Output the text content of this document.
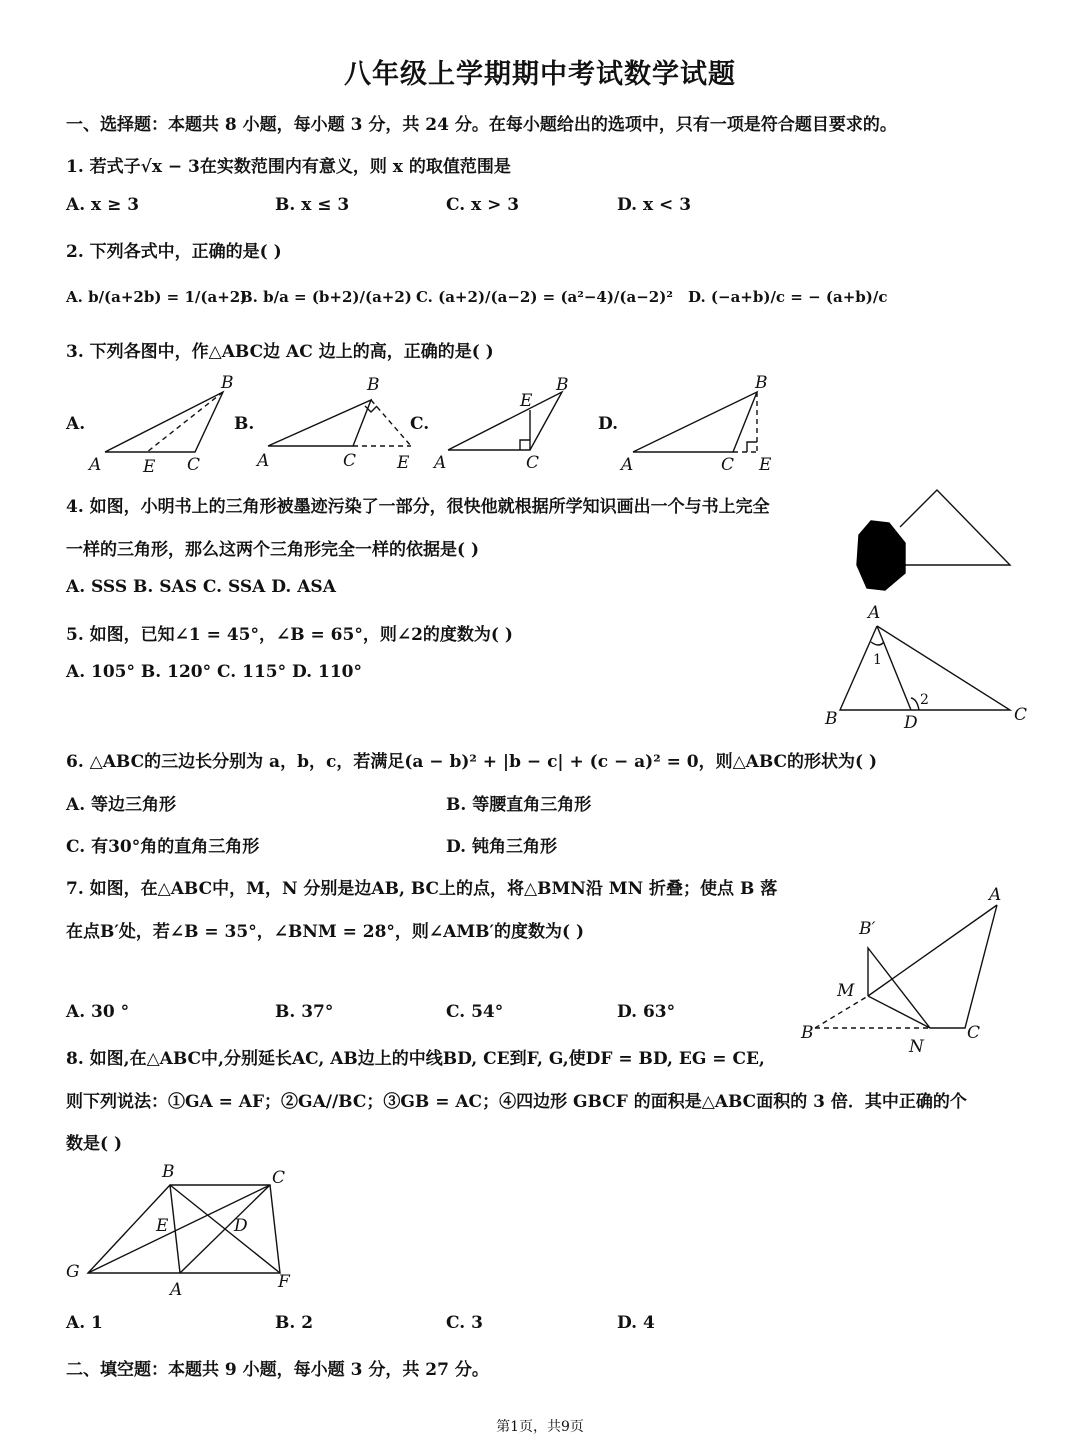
八年级上学期期中考试数学试题
一、选择题：本题共 8 小题，每小题 3 分，共 24 分。在每小题给出的选项中，只有一项是符合题目要求的。
1. 若式子√x − 3在实数范围内有意义，则 x 的取值范围是
A. x ≥ 3	B. x ≤ 3	C. x > 3	D. x < 3
2. 下列各式中，正确的是( )
A. b/(a+2b) = 1/(a+2)
B. b/a = (b+2)/(a+2) C. (a+2)/(a−2) = (a²−4)/(a−2)² D. (−a+b)/c = − (a+b)/c
3. 下列各图中，作△ABC边 AC 边上的高，正确的是( )
A.	B.	C.	D.
B
A E C
B
A	C E
E
B
A	C
B
A	C E
4. 如图，小明书上的三角形被墨迹污染了一部分，很快他就根据所学知识画出一个与书上完全
一样的三角形，那么这两个三角形完全一样的依据是( )
A. SSS B. SAS C. SSA D. ASA
5. 如图，已知∠1 = 45°，∠B = 65°，则∠2的度数为( )
A. 105° B. 120° C. 115° D. 110°
A
1
2
B	D	C
6. △ABC的三边长分别为 a，b，c，若满足(a − b)² + |b − c| + (c − a)² = 0，则△ABC的形状为( )
A. 等边三角形	B. 等腰直角三角形
C. 有30°角的直角三角形	D. 钝角三角形
7. 如图，在△ABC中，M，N 分别是边AB, BC上的点，将△BMN沿 MN 折叠；使点 B 落
在点B′处，若∠B = 35°，∠BNM = 28°，则∠AMB′的度数为( )
A. 30 °	B. 37°	C. 54°	D. 63°
A
B′
M
B
N
C
8. 如图,在△ABC中,分别延长AC, AB边上的中线BD, CE到F, G,使DF = BD, EG = CE,
则下列说法：①GA = AF；②GA//BC；③GB = AC；④四边形 GBCF 的面积是△ABC面积的 3 倍．其中正确的个
数是( )
B	C
E	D
G
A	F
A. 1	B. 2	C. 3	D. 4
二、填空题：本题共 9 小题，每小题 3 分，共 27 分。
第1页，共9页
